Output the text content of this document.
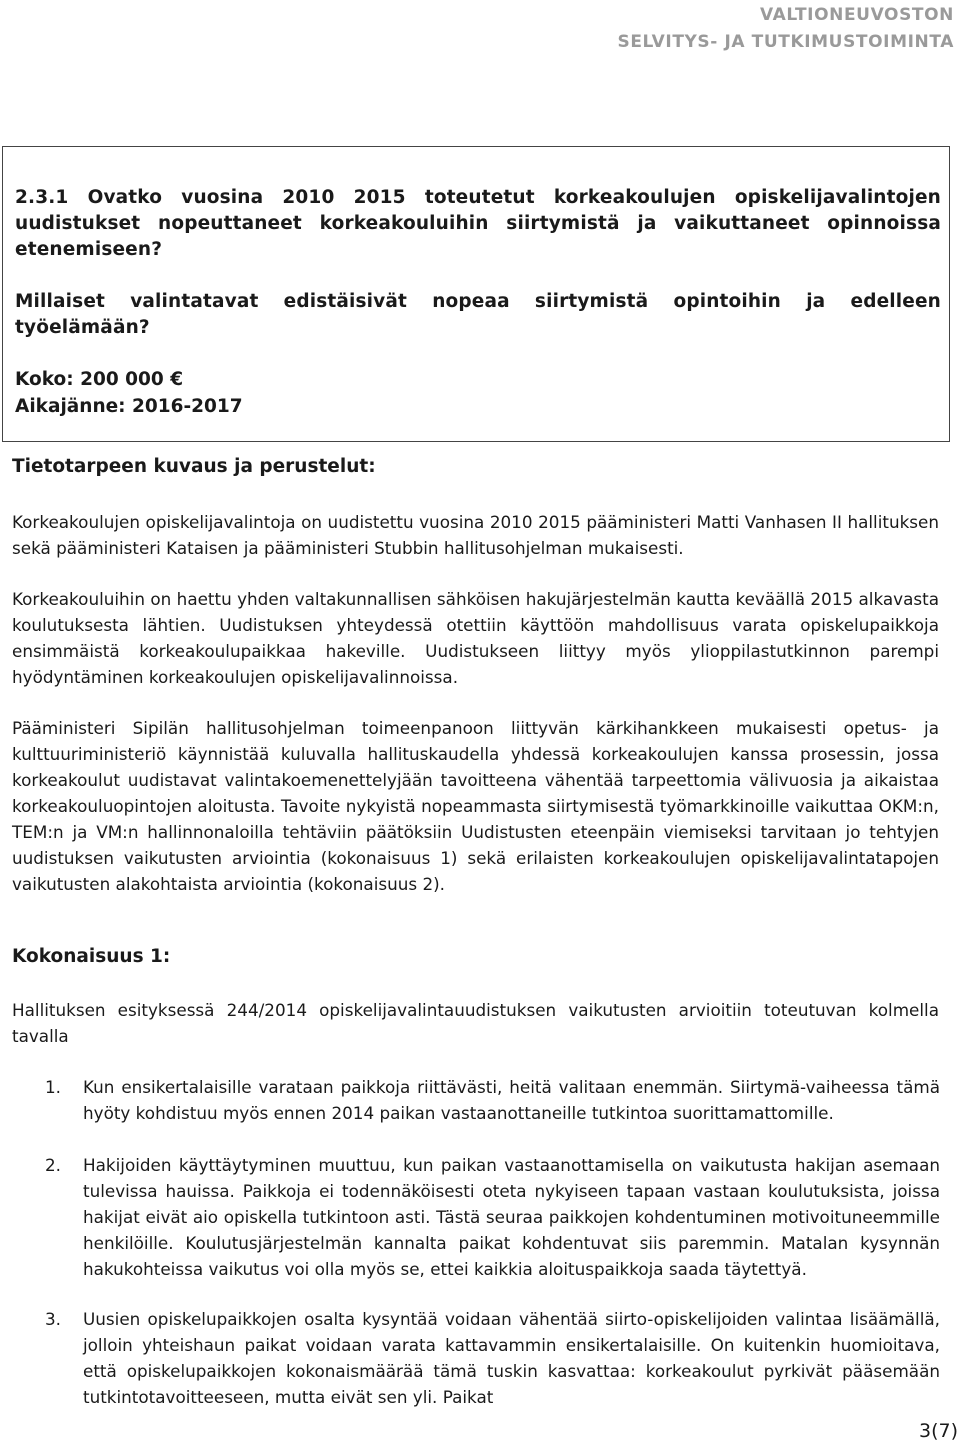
VALTIONEUVOSTON
SELVITYS- JA TUTKIMUSTOIMINTA
2.3.1 Ovatko vuosina 2010 2015 toteutetut korkeakoulujen opiskelijavalintojen uudistukset nopeuttaneet korkeakouluihin siirtymistä ja vaikuttaneet opinnoissa etenemiseen?
Millaiset valintatavat edistäisivät nopeaa siirtymistä opintoihin ja edelleen työelämään?
Koko: 200 000 €
Aikajänne: 2016-2017
Tietotarpeen kuvaus ja perustelut:

Korkeakoulujen opiskelijavalintoja on uudistettu vuosina 2010 2015 pääministeri Matti Vanhasen II hallituksen sekä pääministeri Kataisen ja pääministeri Stubbin hallitusohjelman mukaisesti.

Korkeakouluihin on haettu yhden valtakunnallisen sähköisen hakujärjestelmän kautta keväällä 2015 alkavasta koulutuksesta lähtien. Uudistuksen yhteydessä otettiin käyttöön mahdollisuus varata opiskelupaikkoja ensimmäistä korkeakoulupaikkaa hakeville. Uudistukseen liittyy myös ylioppilastutkinnon parempi hyödyntäminen korkeakoulujen opiskelijavalinnoissa.

Pääministeri Sipilän hallitusohjelman toimeenpanoon liittyvän kärkihankkeen mukaisesti opetus- ja kulttuuriministeriö käynnistää kuluvalla hallituskaudella yhdessä korkeakoulujen kanssa prosessin, jossa korkeakoulut uudistavat valintakoemenettelyjään tavoitteena vähentää tarpeettomia välivuosia ja aikaistaa korkeakouluopintojen aloitusta. Tavoite nykyistä nopeammasta siirtymisestä työmarkkinoille vaikuttaa OKM:n, TEM:n ja VM:n hallinnonaloilla tehtäviin päätöksiin Uudistusten eteenpäin viemiseksi tarvitaan jo tehtyjen uudistuksen vaikutusten arviointia (kokonaisuus 1) sekä erilaisten korkeakoulujen opiskelijavalintatapojen vaikutusten alakohtaista arviointia (kokonaisuus 2).

Kokonaisuus 1:

Hallituksen esityksessä 244/2014 opiskelijavalintauudistuksen vaikutusten arvioitiin toteutuvan kolmella tavalla

1.	Kun ensikertalaisille varataan paikkoja riittävästi, heitä valitaan enemmän. Siirtymä-vaiheessa tämä hyöty kohdistuu myös ennen 2014 paikan vastaanottaneille tutkintoa suorittamattomille.
2.	Hakijoiden käyttäytyminen muuttuu, kun paikan vastaanottamisella on vaikutusta hakijan asemaan tulevissa hauissa. Paikkoja ei todennäköisesti oteta nykyiseen tapaan vastaan koulutuksista, joissa hakijat eivät aio opiskella tutkintoon asti. Tästä seuraa paikkojen kohdentuminen motivoituneemmille henkilöille. Koulutusjärjestelmän kannalta paikat kohdentuvat siis paremmin. Matalan kysynnän hakukohteissa vaikutus voi olla myös se, ettei kaikkia aloituspaikkoja saada täytettyä.
3.	Uusien opiskelupaikkojen osalta kysyntää voidaan vähentää siirto-opiskelijoiden valintaa lisäämällä, jolloin yhteishaun paikat voidaan varata kattavammin ensikertalaisille. On kuitenkin huomioitava, että opiskelupaikkojen kokonaismäärää tämä tuskin kasvattaa: korkeakoulut pyrkivät pääsemään tutkintotavoitteeseen, mutta eivät sen yli. Paikat
3(7)
